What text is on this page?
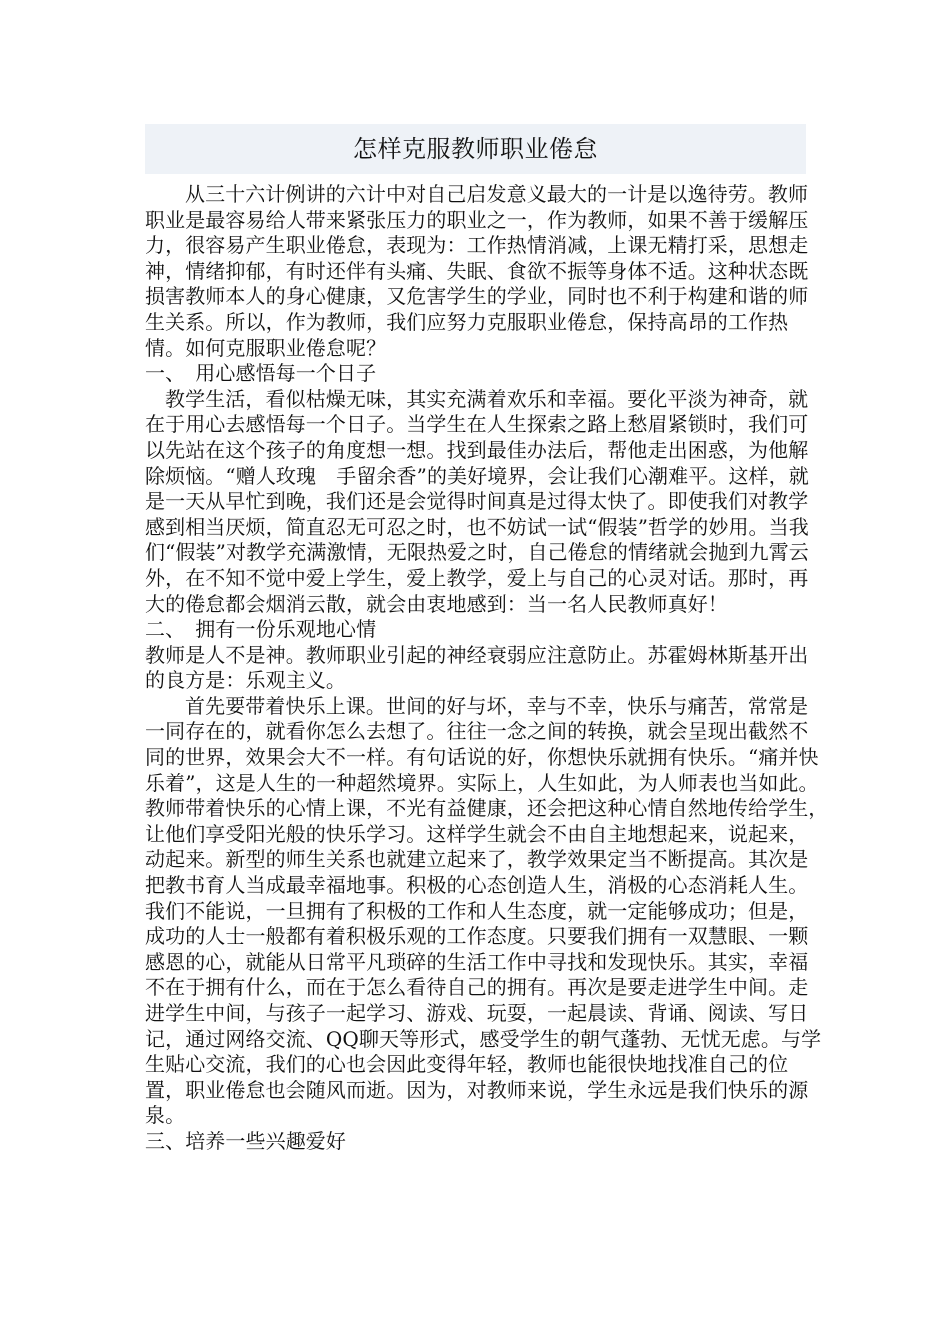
怎样克服教师职业倦怠

从三十六计例讲的六计中对自己启发意义最大的一计是以逸待劳。教师职业是最容易给人带来紧张压力的职业之一，作为教师，如果不善于缓解压力，很容易产生职业倦怠，表现为：工作热情消减，上课无精打采，思想走神，情绪抑郁，有时还伴有头痛、失眠、食欲不振等身体不适。这种状态既损害教师本人的身心健康，又危害学生的学业，同时也不利于构建和谐的师生关系。所以，作为教师，我们应努力克服职业倦怠，保持高昂的工作热情。如何克服职业倦怠呢？

一、　用心感悟每一个日子

教学生活，看似枯燥无味，其实充满着欢乐和幸福。要化平淡为神奇，就在于用心去感悟每一个日子。当学生在人生探索之路上愁眉紧锁时，我们可以先站在这个孩子的角度想一想。找到最佳办法后，帮他走出困惑，为他解除烦恼。“赠人玫瑰　手留余香”的美好境界，会让我们心潮难平。这样，就是一天从早忙到晚，我们还是会觉得时间真是过得太快了。即使我们对教学感到相当厌烦，简直忍无可忍之时，也不妨试一试“假装”哲学的妙用。当我们“假装”对教学充满激情，无限热爱之时，自己倦怠的情绪就会抛到九霄云外，在不知不觉中爱上学生，爱上教学，爱上与自己的心灵对话。那时，再大的倦怠都会烟消云散，就会由衷地感到：当一名人民教师真好！

二、　拥有一份乐观地心情

教师是人不是神。教师职业引起的神经衰弱应注意防止。苏霍姆林斯基开出的良方是：乐观主义。

首先要带着快乐上课。世间的好与坏，幸与不幸，快乐与痛苦，常常是一同存在的，就看你怎么去想了。往往一念之间的转换，就会呈现出截然不同的世界，效果会大不一样。有句话说的好，你想快乐就拥有快乐。“痛并快乐着”，这是人生的一种超然境界。实际上，人生如此，为人师表也当如此。教师带着快乐的心情上课，不光有益健康，还会把这种心情自然地传给学生，　让他们享受阳光般的快乐学习。这样学生就会不由自主地想起来，说起来，　动起来。新型的师生关系也就建立起来了，教学效果定当不断提高。其次是把教书育人当成最幸福地事。积极的心态创造人生，消极的心态消耗人生。我们不能说，一旦拥有了积极的工作和人生态度，就一定能够成功；但是，成功的人士一般都有着积极乐观的工作态度。只要我们拥有一双慧眼、一颗感恩的心，就能从日常平凡琐碎的生活工作中寻找和发现快乐。其实，幸福不在于拥有什么，而在于怎么看待自己的拥有。再次是要走进学生中间。走进学生中间，与孩子一起学习、游戏、玩耍，一起晨读、背诵、阅读、写日记，通过网络交流、QQ聊天等形式，感受学生的朝气蓬勃、无忧无虑。与学生贴心交流，我们的心也会因此变得年轻，教师也能很快地找准自己的位置，职业倦怠也会随风而逝。因为，对教师来说，学生永远是我们快乐的源泉。

三、培养一些兴趣爱好
